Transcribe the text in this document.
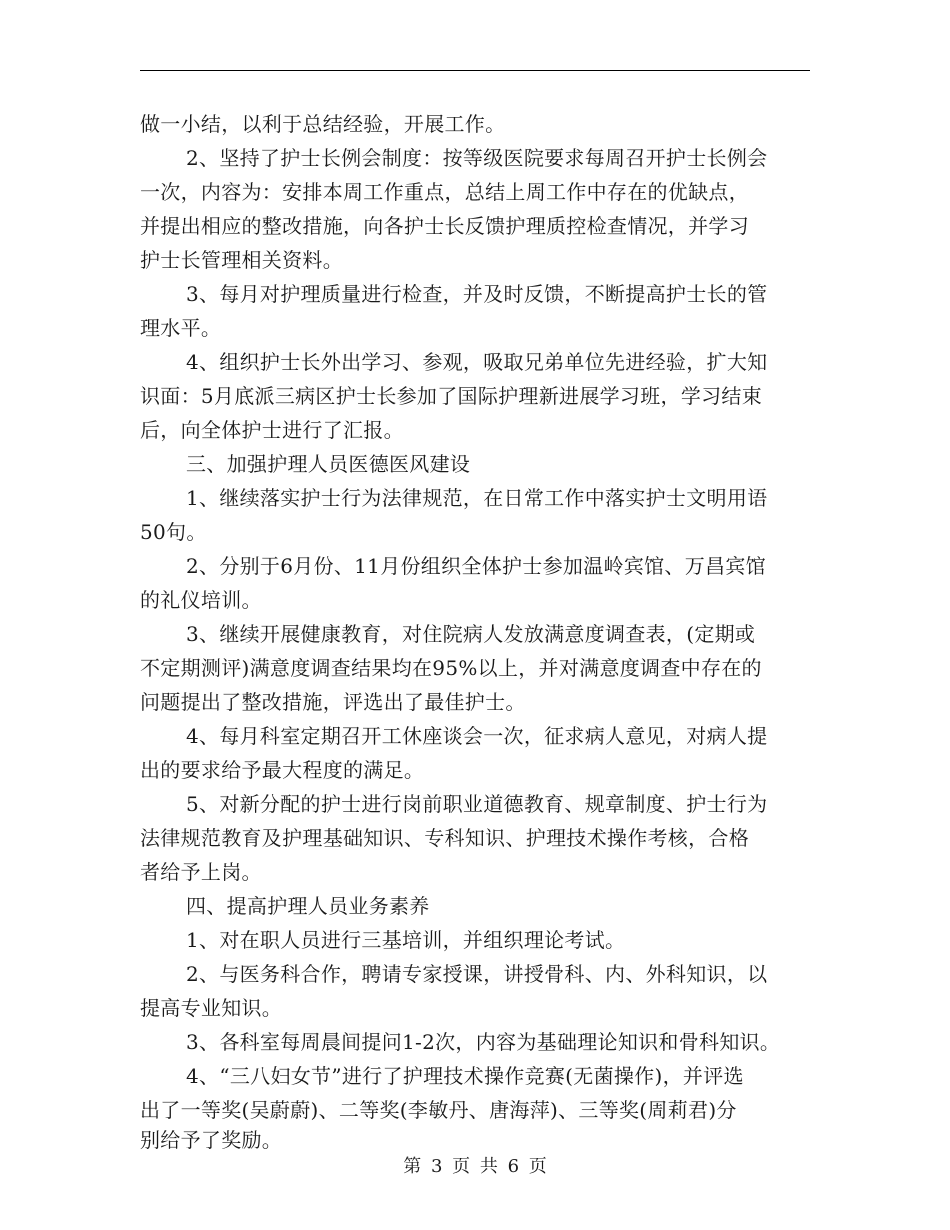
做一小结，以利于总结经验，开展工作。
2、坚持了护士长例会制度：按等级医院要求每周召开护士长例会
一次，内容为：安排本周工作重点，总结上周工作中存在的优缺点，
并提出相应的整改措施，向各护士长反馈护理质控检查情况，并学习
护士长管理相关资料。
3、每月对护理质量进行检查，并及时反馈，不断提高护士长的管
理水平。
4、组织护士长外出学习、参观，吸取兄弟单位先进经验，扩大知
识面：5月底派三病区护士长参加了国际护理新进展学习班，学习结束
后，向全体护士进行了汇报。
三、加强护理人员医德医风建设
1、继续落实护士行为法律规范，在日常工作中落实护士文明用语
50句。
2、分别于6月份、11月份组织全体护士参加温岭宾馆、万昌宾馆
的礼仪培训。
3、继续开展健康教育，对住院病人发放满意度调查表，(定期或
不定期测评)满意度调查结果均在95%以上，并对满意度调查中存在的
问题提出了整改措施，评选出了最佳护士。
4、每月科室定期召开工休座谈会一次，征求病人意见，对病人提
出的要求给予最大程度的满足。
5、对新分配的护士进行岗前职业道德教育、规章制度、护士行为
法律规范教育及护理基础知识、专科知识、护理技术操作考核，合格
者给予上岗。
四、提高护理人员业务素养
1、对在职人员进行三基培训，并组织理论考试。
2、与医务科合作，聘请专家授课，讲授骨科、内、外科知识，以
提高专业知识。
3、各科室每周晨间提问1-2次，内容为基础理论知识和骨科知识。
4、“三八妇女节”进行了护理技术操作竞赛(无菌操作)，并评选
出了一等奖(吴蔚蔚)、二等奖(李敏丹、唐海萍)、三等奖(周莉君)分
别给予了奖励。
第 3 页 共 6 页
